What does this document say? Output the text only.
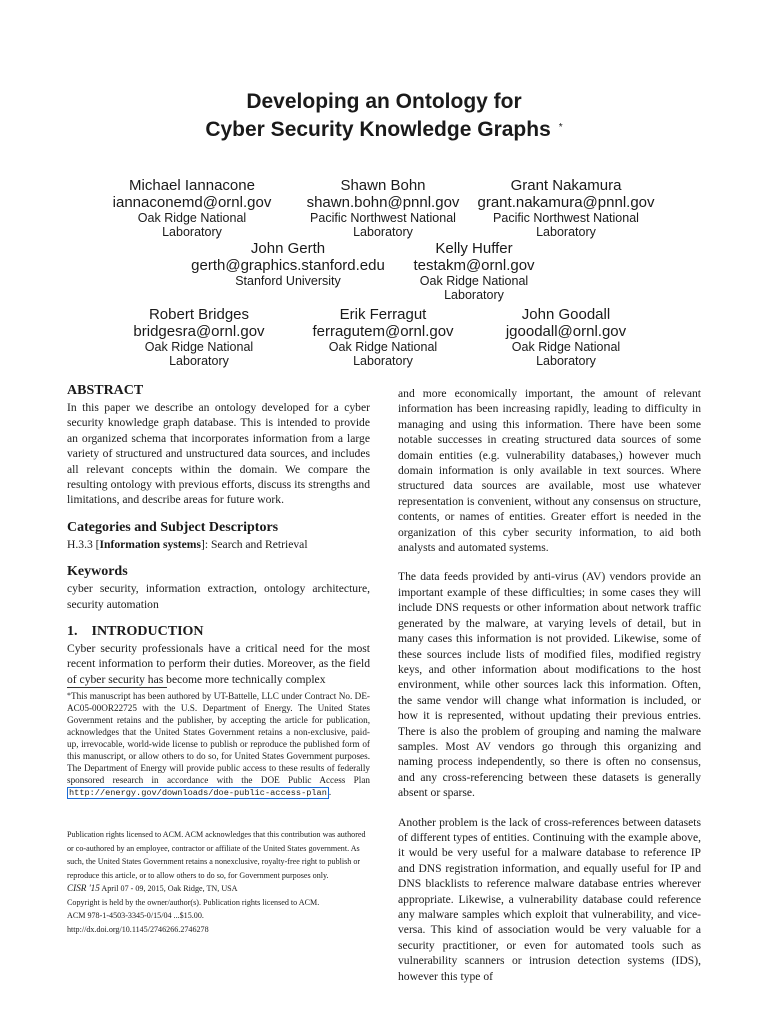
Developing an Ontology for
Cyber Security Knowledge Graphs *
Michael Iannacone
iannaconemd@ornl.gov
Oak Ridge National
Laboratory
Shawn Bohn
shawn.bohn@pnnl.gov
Pacific Northwest National
Laboratory
Grant Nakamura
grant.nakamura@pnnl.gov
Pacific Northwest National
Laboratory
John Gerth
gerth@graphics.stanford.edu
Stanford University
Kelly Huffer
testakm@ornl.gov
Oak Ridge National
Laboratory
Robert Bridges
bridgesra@ornl.gov
Oak Ridge National
Laboratory
Erik Ferragut
ferragutem@ornl.gov
Oak Ridge National
Laboratory
John Goodall
jgoodall@ornl.gov
Oak Ridge National
Laboratory
ABSTRACT

In this paper we describe an ontology developed for a cyber security knowledge graph database. This is intended to provide an organized schema that incorporates information from a large variety of structured and unstructured data sources, and includes all relevant concepts within the domain. We compare the resulting ontology with previous efforts, discuss its strengths and limitations, and describe areas for future work.

Categories and Subject Descriptors

H.3.3 [Information systems]: Search and Retrieval

Keywords

cyber security, information extraction, ontology architecture, security automation

1.    INTRODUCTION

Cyber security professionals have a critical need for the most recent information to perform their duties. Moreover, as the field of cyber security has become more technically complex

*This manuscript has been authored by UT-Battelle, LLC under Contract No. DE-AC05-00OR22725 with the U.S. Department of Energy. The United States Government retains and the publisher, by accepting the article for publication, acknowledges that the United States Government retains a non-exclusive, paid-up, irrevocable, world-wide license to publish or reproduce the published form of this manuscript, or allow others to do so, for United States Government purposes. The Department of Energy will provide public access to these results of federally sponsored research in accordance with the DOE Public Access Plan http://energy.gov/downloads/doe-public-access-plan .
Publication rights licensed to ACM. ACM acknowledges that this contribution was authored or co-authored by an employee, contractor or affiliate of the United States government. As such, the United States Government retains a nonexclusive, royalty-free right to publish or reproduce this article, or to allow others to do so, for Government purposes only.
CISR '15 April 07 - 09, 2015, Oak Ridge, TN, USA
Copyright is held by the owner/author(s). Publication rights licensed to ACM.
ACM 978-1-4503-3345-0/15/04 ...$15.00.
http://dx.doi.org/10.1145/2746266.2746278

and more economically important, the amount of relevant information has been increasing rapidly, leading to difficulty in managing and using this information. There have been some notable successes in creating structured data sources of some domain entities (e.g. vulnerability databases,) however much domain information is only available in text sources. Where structured data sources are available, most use whatever representation is convenient, without any consensus on structure, contents, or names of entities. Greater effort is needed in the organization of this cyber security information, to aid both analysts and automated systems.

The data feeds provided by anti-virus (AV) vendors provide an important example of these difficulties; in some cases they will include DNS requests or other information about network traffic generated by the malware, at varying levels of detail, but in many cases this information is not provided. Likewise, some of these sources include lists of modified files, modified registry keys, and other information about modifications to the host environment, while other sources lack this information. Often, the same vendor will change what information is included, or how it is represented, without updating their previous entries. There is also the problem of grouping and naming the malware samples. Most AV vendors go through this organizing and naming process independently, so there is often no consensus, and any cross-referencing between these datasets is generally absent or sparse.

Another problem is the lack of cross-references between datasets of different types of entities. Continuing with the example above, it would be very useful for a malware database to reference IP and DNS registration information, and equally useful for IP and DNS blacklists to reference malware database entries wherever appropriate. Likewise, a vulnerability database could reference any malware samples which exploit that vulnerability, and vice-versa. This kind of association would be very valuable for a security practitioner, or even for automated tools such as vulnerability scanners or intrusion detection systems (IDS), however this type of
